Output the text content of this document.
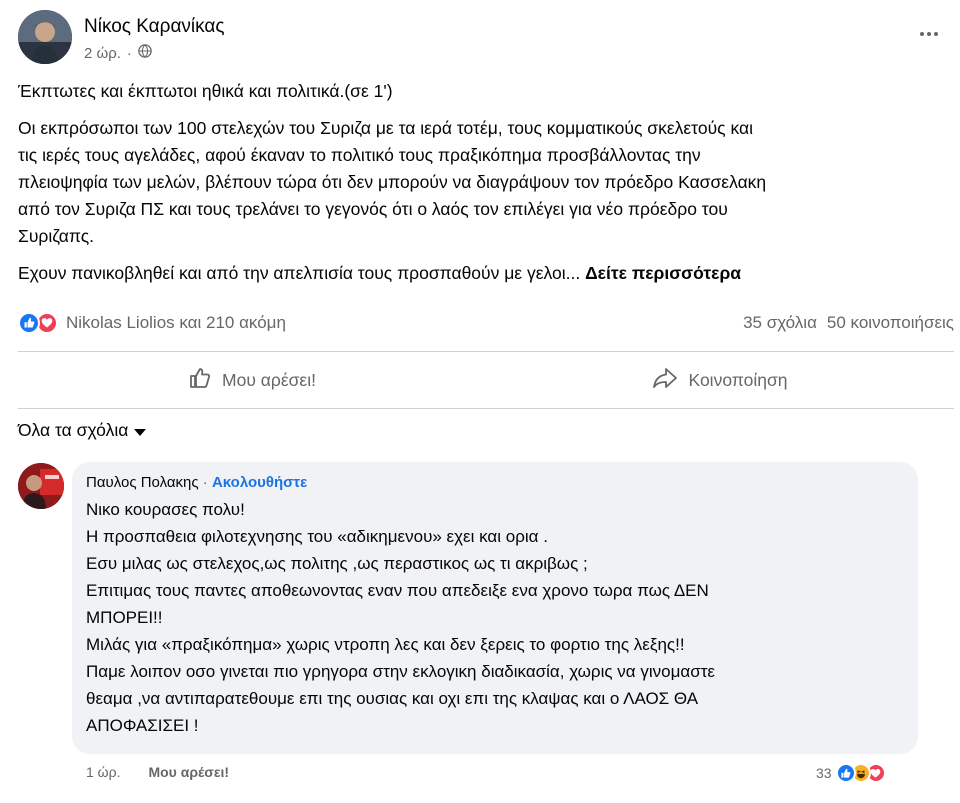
Νίκος Καρανίκας
2 ώρ. ·

Έκπτωτες και έκπτωτοι ηθικά και πολιτικά.(σε 1')

Οι εκπρόσωποι των 100 στελεχών του Συριζα με τα ιερά τοτέμ, τους κομματικούς σκελετούς και
τις ιερές τους αγελάδες, αφού έκαναν το πολιτικό τους πραξικόπημα προσβάλλοντας την
πλειοψηφία των μελών, βλέπουν τώρα ότι δεν μπορούν να διαγράψουν τον πρόεδρο Κασσελακη
από τον Συριζα ΠΣ και τους τρελάνει το γεγονός ότι ο λαός τον επιλέγει για νέο πρόεδρο του
Συριζαπς.

Εχουν πανικοβληθεί και από την απελπισία τους προσπαθούν με γελοι... Δείτε περισσότερα

Nikolas Liolios και 210 ακόμη	35 σχόλια 50 κοινοποιήσεις
Μου αρέσει!	Κοινοποίηση
Όλα τα σχόλια
Παυλος Πολακης · Ακολουθήστε
Νικο κουρασες πολυ!
Η προσπαθεια φιλοτεχνησης του «αδικημενου» εχει και ορια .
Εσυ μιλας ως στελεχος,ως πολιτης ,ως περαστικος ως τι ακριβως ;
Επιτιμας τους παντες αποθεωνοντας εναν που απεδειξε ενα χρονο τωρα πως ΔΕΝ
ΜΠΟΡΕΙ!!
Μιλάς για «πραξικόπημα» χωρις ντροπη λες και δεν ξερεις το φορτιο της λεξης!!
Παμε λοιπον οσο γινεται πιο γρηγορα στην εκλογικη διαδικασία, χωρις να γινομαστε
θεαμα ,να αντιπαρατεθουμε επι της ουσιας και οχι επι της κλαψας και ο ΛΑΟΣ ΘΑ
ΑΠΟΦΑΣΙΣΕΙ !
1 ώρ. Μου αρέσει!	33
